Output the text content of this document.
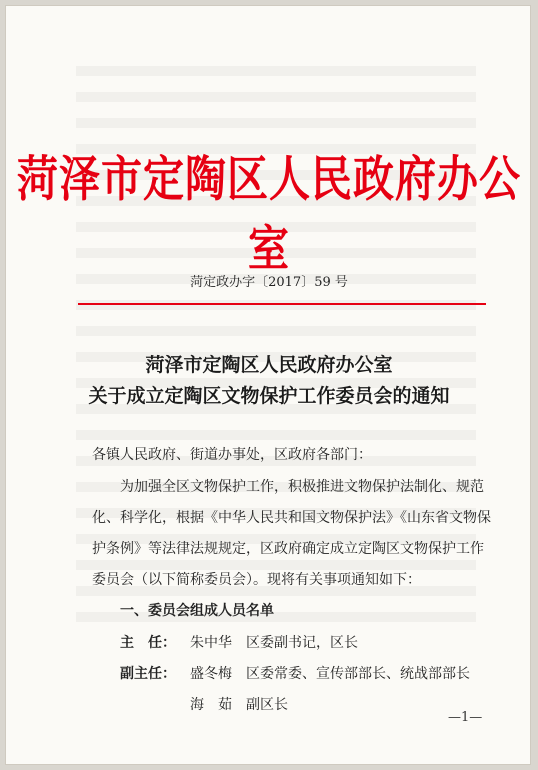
菏泽市定陶区人民政府办公室
菏定政办字〔2017〕59 号
菏泽市定陶区人民政府办公室
关于成立定陶区文物保护工作委员会的通知
各镇人民政府、街道办事处，区政府各部门：
为加强全区文物保护工作，积极推进文物保护法制化、规范
化、科学化，根据《中华人民共和国文物保护法》《山东省文物保
护条例》等法律法规规定，区政府确定成立定陶区文物保护工作
委员会（以下简称委员会）。现将有关事项通知如下：
一、委员会组成人员名单
主　任： 朱中华　区委副书记，区长
副主任： 盛冬梅　区委常委、宣传部部长、统战部部长
海　茹　副区长
—1—
